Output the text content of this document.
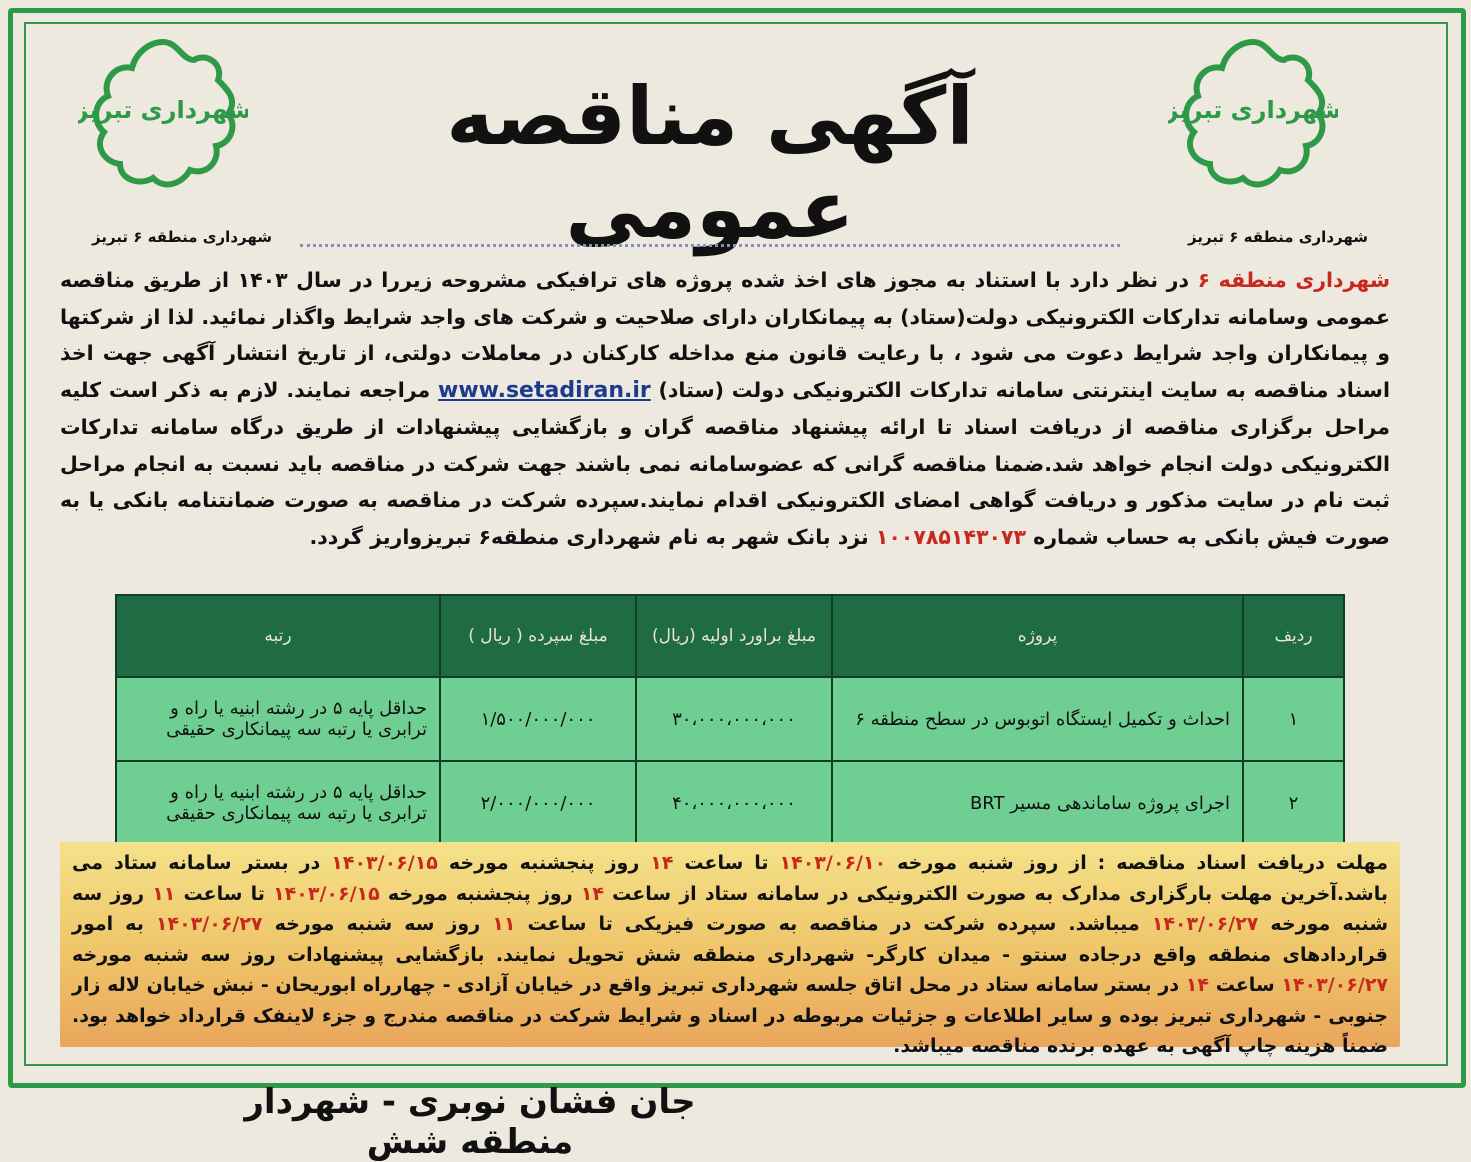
شهرداری تبریز
شهرداری منطقه ۶ تبریز
شهرداری تبریز
شهرداری منطقه ۶ تبریز
آگهی مناقصه عمومی
شهرداری منطقه ۶ در نظر دارد با استناد به مجوز های اخذ شده پروژه های ترافیکی مشروحه زیررا در سال ۱۴۰۳ از طریق مناقصه عمومی وسامانه تدارکات الکترونیکی دولت(ستاد) به پیمانکاران دارای صلاحیت و شرکت های واجد شرایط واگذار نمائید. لذا از شرکتها و پیمانکاران واجد شرایط دعوت می شود ، با رعایت قانون منع مداخله کارکنان در معاملات دولتی، از تاریخ انتشار آگهی جهت اخذ اسناد مناقصه به سایت اینترنتی سامانه تدارکات الکترونیکی دولت (ستاد) www.setadiran.ir مراجعه نمایند. لازم به ذکر است کلیه مراحل برگزاری مناقصه از دریافت اسناد تا ارائه پیشنهاد مناقصه گران و بازگشایی پیشنهادات از طریق درگاه سامانه تدارکات الکترونیکی دولت انجام خواهد شد.ضمنا مناقصه گرانی که عضوسامانه نمی باشند جهت شرکت در مناقصه باید نسبت به انجام مراحل ثبت نام در سایت مذکور و دریافت گواهی امضای الکترونیکی اقدام نمایند.سپرده شرکت در مناقصه به صورت ضمانتنامه بانکی یا به صورت فیش بانکی به حساب شماره ۱۰۰۷۸۵۱۴۳۰۷۳ نزد بانک شهر به نام شهرداری منطقه۶ تبریزواریز گردد.
ردیف	پروژه	مبلغ براورد اولیه (ریال)	مبلغ سپرده ( ریال )	رتبه
۱	احداث و تکمیل ایستگاه اتوبوس در سطح منطقه ۶	۳۰،۰۰۰،۰۰۰،۰۰۰	۱/۵۰۰/۰۰۰/۰۰۰	حداقل پایه ۵ در رشته ابنیه یا راه و ترابری یا رتبه سه پیمانکاری حقیقی
۲	اجرای پروژه ساماندهی مسیر BRT	۴۰،۰۰۰،۰۰۰،۰۰۰	۲/۰۰۰/۰۰۰/۰۰۰	حداقل پایه ۵ در رشته ابنیه یا راه و ترابری یا رتبه سه پیمانکاری حقیقی
مهلت دریافت اسناد مناقصه : از روز شنبه مورخه ۱۴۰۳/۰۶/۱۰ تا ساعت ۱۴ روز پنجشنبه مورخه ۱۴۰۳/۰۶/۱۵ در بستر سامانه ستاد می باشد.آخرین مهلت بارگزاری مدارک به صورت الکترونیکی در سامانه ستاد از ساعت ۱۴ روز پنجشنبه مورخه ۱۴۰۳/۰۶/۱۵ تا ساعت ۱۱ روز سه شنبه مورخه ۱۴۰۳/۰۶/۲۷ میباشد. سپرده شرکت در مناقصه به صورت فیزیکی تا ساعت ۱۱ روز سه شنبه مورخه ۱۴۰۳/۰۶/۲۷ به امور قراردادهای منطقه واقع درجاده سنتو - میدان کارگر- شهرداری منطقه شش تحویل نمایند. بازگشایی پیشنهادات روز سه شنبه مورخه ۱۴۰۳/۰۶/۲۷ ساعت ۱۴ در بستر سامانه ستاد در محل اتاق جلسه شهرداری تبریز واقع در خیابان آزادی - چهارراه ابوریحان - نبش خیابان لاله زار جنوبی - شهرداری تبریز بوده و سایر اطلاعات و جزئیات مربوطه در اسناد و شرایط شرکت در مناقصه مندرج و جزء لاینفک قرارداد خواهد بود. ضمناً هزینه چاپ آگهی به عهده برنده مناقصه میباشد.
جان فشان نوبری - شهردار منطقه شش
